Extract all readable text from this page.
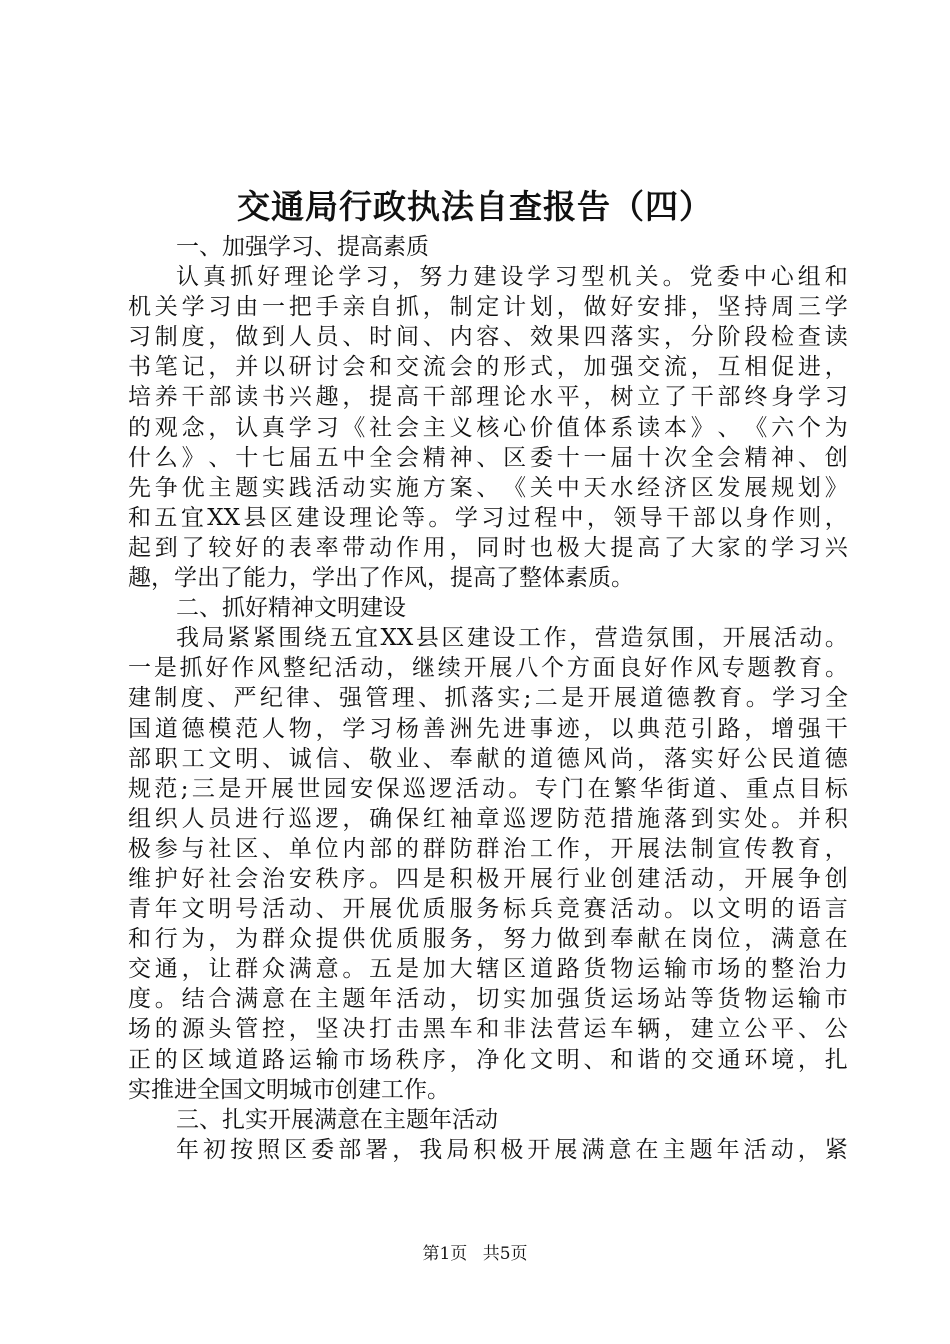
交通局行政执法自查报告（四）
一、加强学习、提高素质
认 真 抓 好 理 论 学 习 ， 努 力 建 设 学 习 型 机 关 。 党 委 中 心 组 和
机 关 学 习 由 一 把 手 亲 自 抓 ， 制 定 计 划 ， 做 好 安 排 ， 坚 持 周 三 学
习 制 度 ， 做 到 人 员 、 时 间 、 内 容 、 效 果 四 落 实 ， 分 阶 段 检 查 读
书 笔 记 ， 并 以 研 讨 会 和 交 流 会 的 形 式 ， 加 强 交 流 ， 互 相 促 进 ，
培 养 干 部 读 书 兴 趣 ， 提 高 干 部 理 论 水 平 ， 树 立 了 干 部 终 身 学 习
的 观 念 ， 认 真 学 习 《 社 会 主 义 核 心 价 值 体 系 读 本 》 、 《 六 个 为
什 么 》 、 十 七 届 五 中 全 会 精 神 、 区 委 十 一 届 十 次 全 会 精 神 、 创
先 争 优 主 题 实 践 活 动 实 施 方 案 、 《 关 中 天 水 经 济 区 发 展 规 划 》
和 五 宜 XX 县 区 建 设 理 论 等 。 学 习 过 程 中 ， 领 导 干 部 以 身 作 则 ，
起 到 了 较 好 的 表 率 带 动 作 用 ， 同 时 也 极 大 提 高 了 大 家 的 学 习 兴
趣，学出了能力，学出了作风，提高了整体素质。
二、抓好精神文明建设
我 局 紧 紧 围 绕 五 宜 XX 县 区 建 设 工 作 ， 营 造 氛 围 ， 开 展 活 动 。
一 是 抓 好 作 风 整 纪 活 动 ， 继 续 开 展 八 个 方 面 良 好 作 风 专 题 教 育 。
建 制 度 、 严 纪 律 、 强 管 理 、 抓 落 实 ; 二 是 开 展 道 德 教 育 。 学 习 全
国 道 德 模 范 人 物 ， 学 习 杨 善 洲 先 进 事 迹 ， 以 典 范 引 路 ， 增 强 干
部 职 工 文 明 、 诚 信 、 敬 业 、 奉 献 的 道 德 风 尚 ， 落 实 好 公 民 道 德
规 范 ; 三 是 开 展 世 园 安 保 巡 逻 活 动 。 专 门 在 繁 华 街 道 、 重 点 目 标
组 织 人 员 进 行 巡 逻 ， 确 保 红 袖 章 巡 逻 防 范 措 施 落 到 实 处 。 并 积
极 参 与 社 区 、 单 位 内 部 的 群 防 群 治 工 作 ， 开 展 法 制 宣 传 教 育 ，
维 护 好 社 会 治 安 秩 序 。 四 是 积 极 开 展 行 业 创 建 活 动 ， 开 展 争 创
青 年 文 明 号 活 动 、 开 展 优 质 服 务 标 兵 竞 赛 活 动 。 以 文 明 的 语 言
和 行 为 ， 为 群 众 提 供 优 质 服 务 ， 努 力 做 到 奉 献 在 岗 位 ， 满 意 在
交 通 ， 让 群 众 满 意 。 五 是 加 大 辖 区 道 路 货 物 运 输 市 场 的 整 治 力
度 。 结 合 满 意 在 主 题 年 活 动 ， 切 实 加 强 货 运 场 站 等 货 物 运 输 市
场 的 源 头 管 控 ， 坚 决 打 击 黑 车 和 非 法 营 运 车 辆 ， 建 立 公 平 、 公
正 的 区 域 道 路 运 输 市 场 秩 序 ， 净 化 文 明 、 和 谐 的 交 通 环 境 ， 扎
实推进全国文明城市创建工作。
三、扎实开展满意在主题年活动
年 初 按 照 区 委 部 署 ， 我 局 积 极 开 展 满 意 在 主 题 年 活 动 ， 紧
第1页 共5页
